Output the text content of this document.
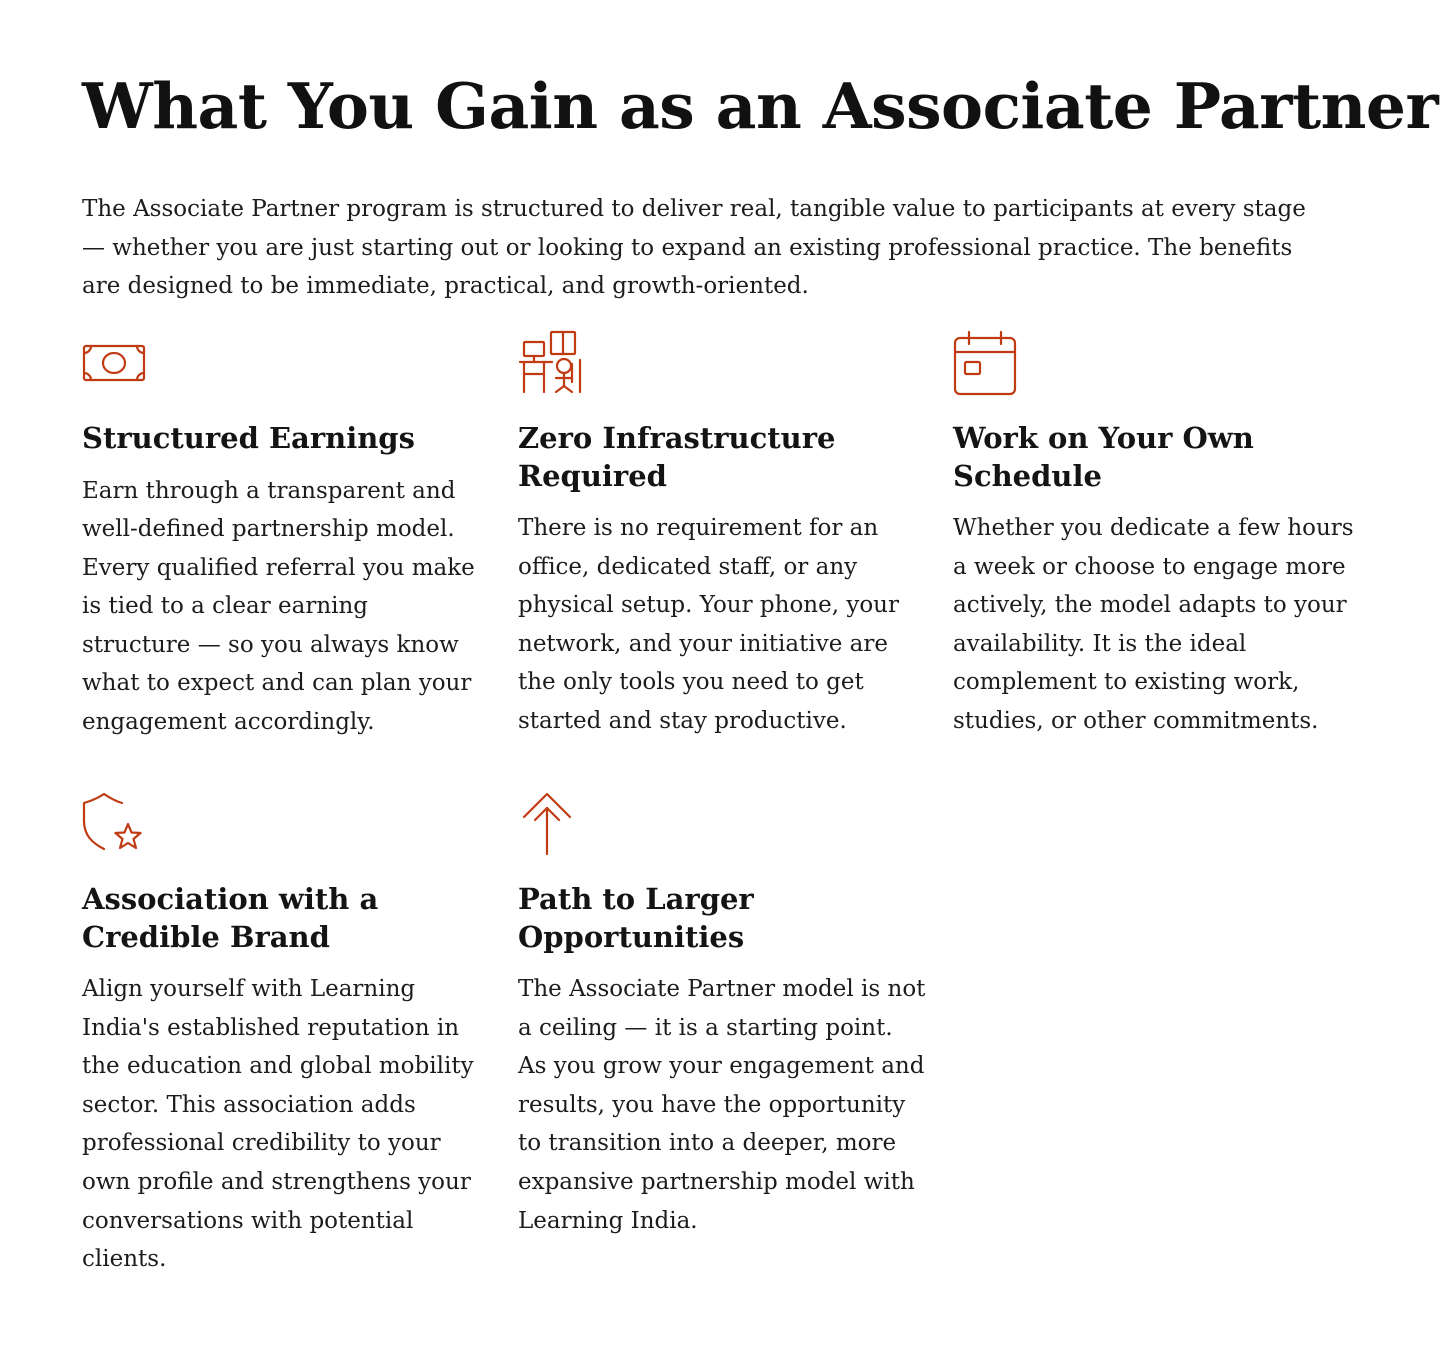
What You Gain as an Associate Partner

The Associate Partner program is structured to deliver real, tangible value to participants at every stage — whether you are just starting out or looking to expand an existing professional practice. The benefits are designed to be immediate, practical, and growth-oriented.

Structured Earnings

Earn through a transparent and well-defined partnership model. Every qualified referral you make is tied to a clear earning structure — so you always know what to expect and can plan your engagement accordingly.

Zero Infrastructure Required

There is no requirement for an office, dedicated staff, or any physical setup. Your phone, your network, and your initiative are the only tools you need to get started and stay productive.

Work on Your Own Schedule

Whether you dedicate a few hours a week or choose to engage more actively, the model adapts to your availability. It is the ideal complement to existing work, studies, or other commitments.

Association with a Credible Brand

Align yourself with Learning India's established reputation in the education and global mobility sector. This association adds professional credibility to your own profile and strengthens your conversations with potential clients.

Path to Larger Opportunities

The Associate Partner model is not a ceiling — it is a starting point. As you grow your engagement and results, you have the opportunity to transition into a deeper, more expansive partnership model with Learning India.
